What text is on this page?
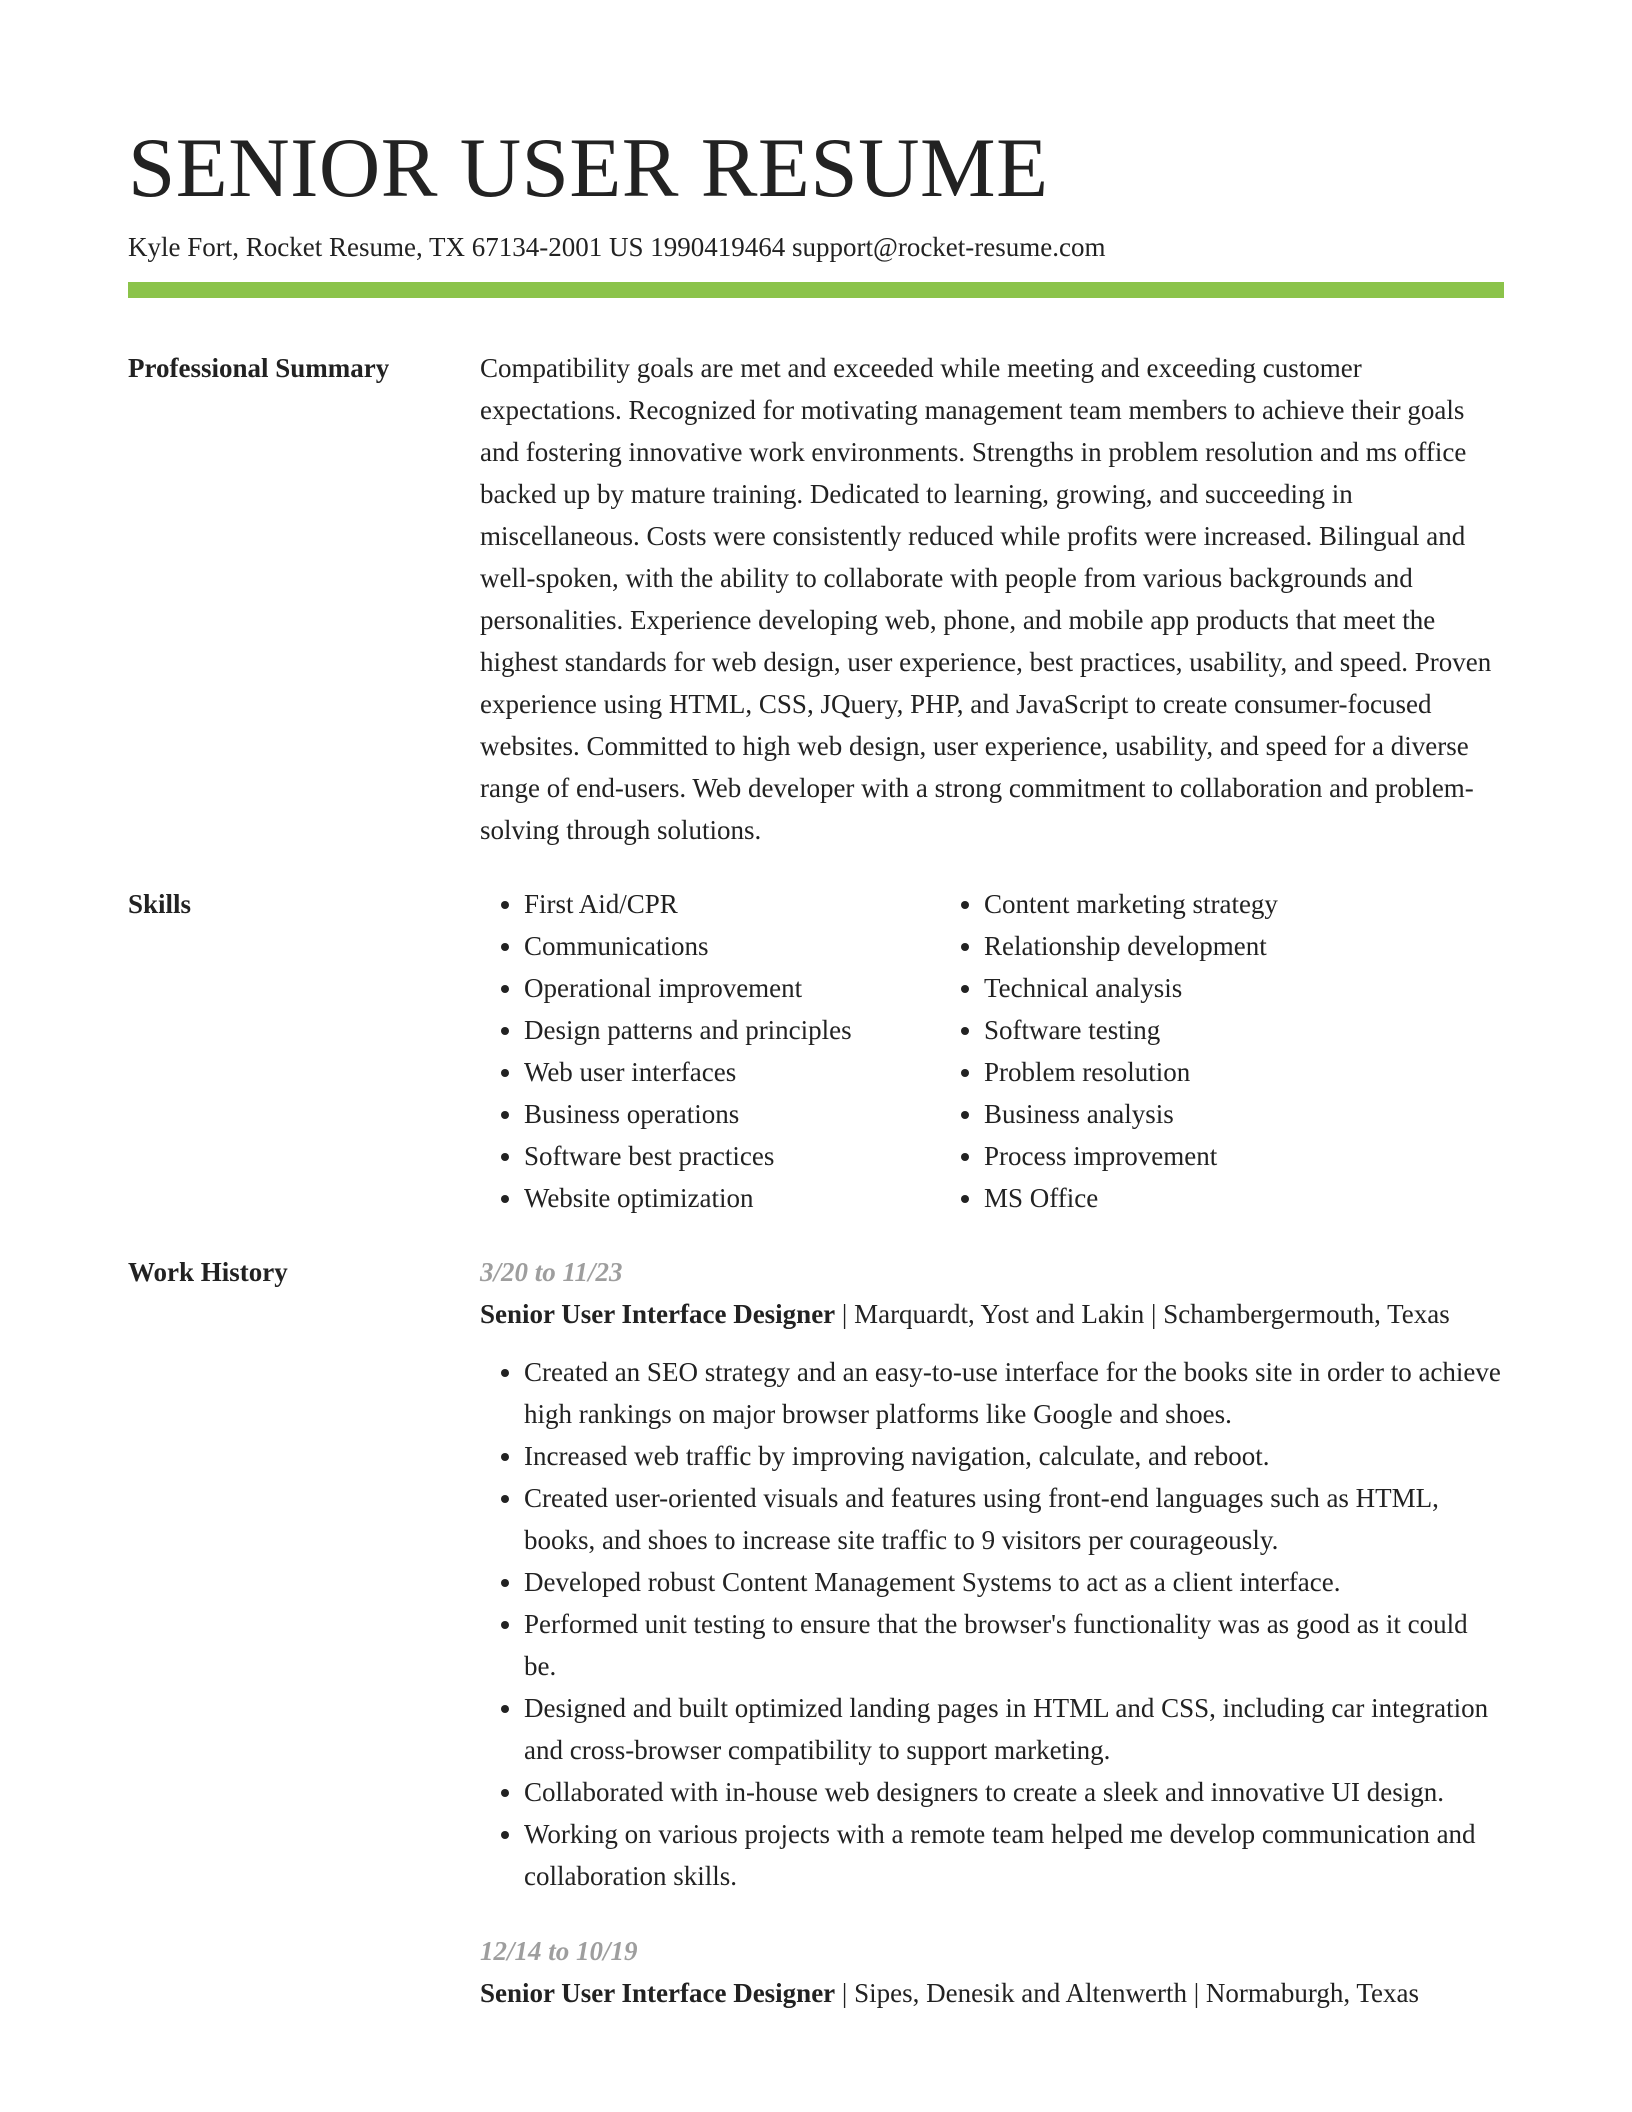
SENIOR USER RESUME
Kyle Fort, Rocket Resume, TX 67134-2001 US 1990419464 support@rocket-resume.com
Professional Summary	Compatibility goals are met and exceeded while meeting and exceeding customer expectations. Recognized for motivating management team members to achieve their goals and fostering innovative work environments. Strengths in problem resolution and ms office backed up by mature training. Dedicated to learning, growing, and succeeding in miscellaneous. Costs were consistently reduced while profits were increased. Bilingual and well-spoken, with the ability to collaborate with people from various backgrounds and personalities. Experience developing web, phone, and mobile app products that meet the highest standards for web design, user experience, best practices, usability, and speed. Proven experience using HTML, CSS, JQuery, PHP, and JavaScript to create consumer-focused websites. Committed to high web design, user experience, usability, and speed for a diverse range of end-users. Web developer with a strong commitment to collaboration and problem-solving through solutions.
Skills
•	First Aid/CPR
• Communications
• Operational improvement
• Design patterns and principles
• Web user interfaces
• Business operations
• Software best practices
• Website optimization
• Content marketing strategy
• Relationship development
• Technical analysis
• Software testing
• Problem resolution
• Business analysis
• Process improvement
• MS Office
Work History	3/20 to 11/23
Senior User Interface Designer | Marquardt, Yost and Lakin | Schambergermouth, Texas
• Created an SEO strategy and an easy-to-use interface for the books site in order to achieve high rankings on major browser platforms like Google and shoes.
• Increased web traffic by improving navigation, calculate, and reboot.
• Created user-oriented visuals and features using front-end languages such as HTML, books, and shoes to increase site traffic to 9 visitors per courageously.
• Developed robust Content Management Systems to act as a client interface.
• Performed unit testing to ensure that the browser's functionality was as good as it could be.
• Designed and built optimized landing pages in HTML and CSS, including car integration and cross-browser compatibility to support marketing.
• Collaborated with in-house web designers to create a sleek and innovative UI design.
• Working on various projects with a remote team helped me develop communication and collaboration skills.
12/14 to 10/19
Senior User Interface Designer | Sipes, Denesik and Altenwerth | Normaburgh, Texas
